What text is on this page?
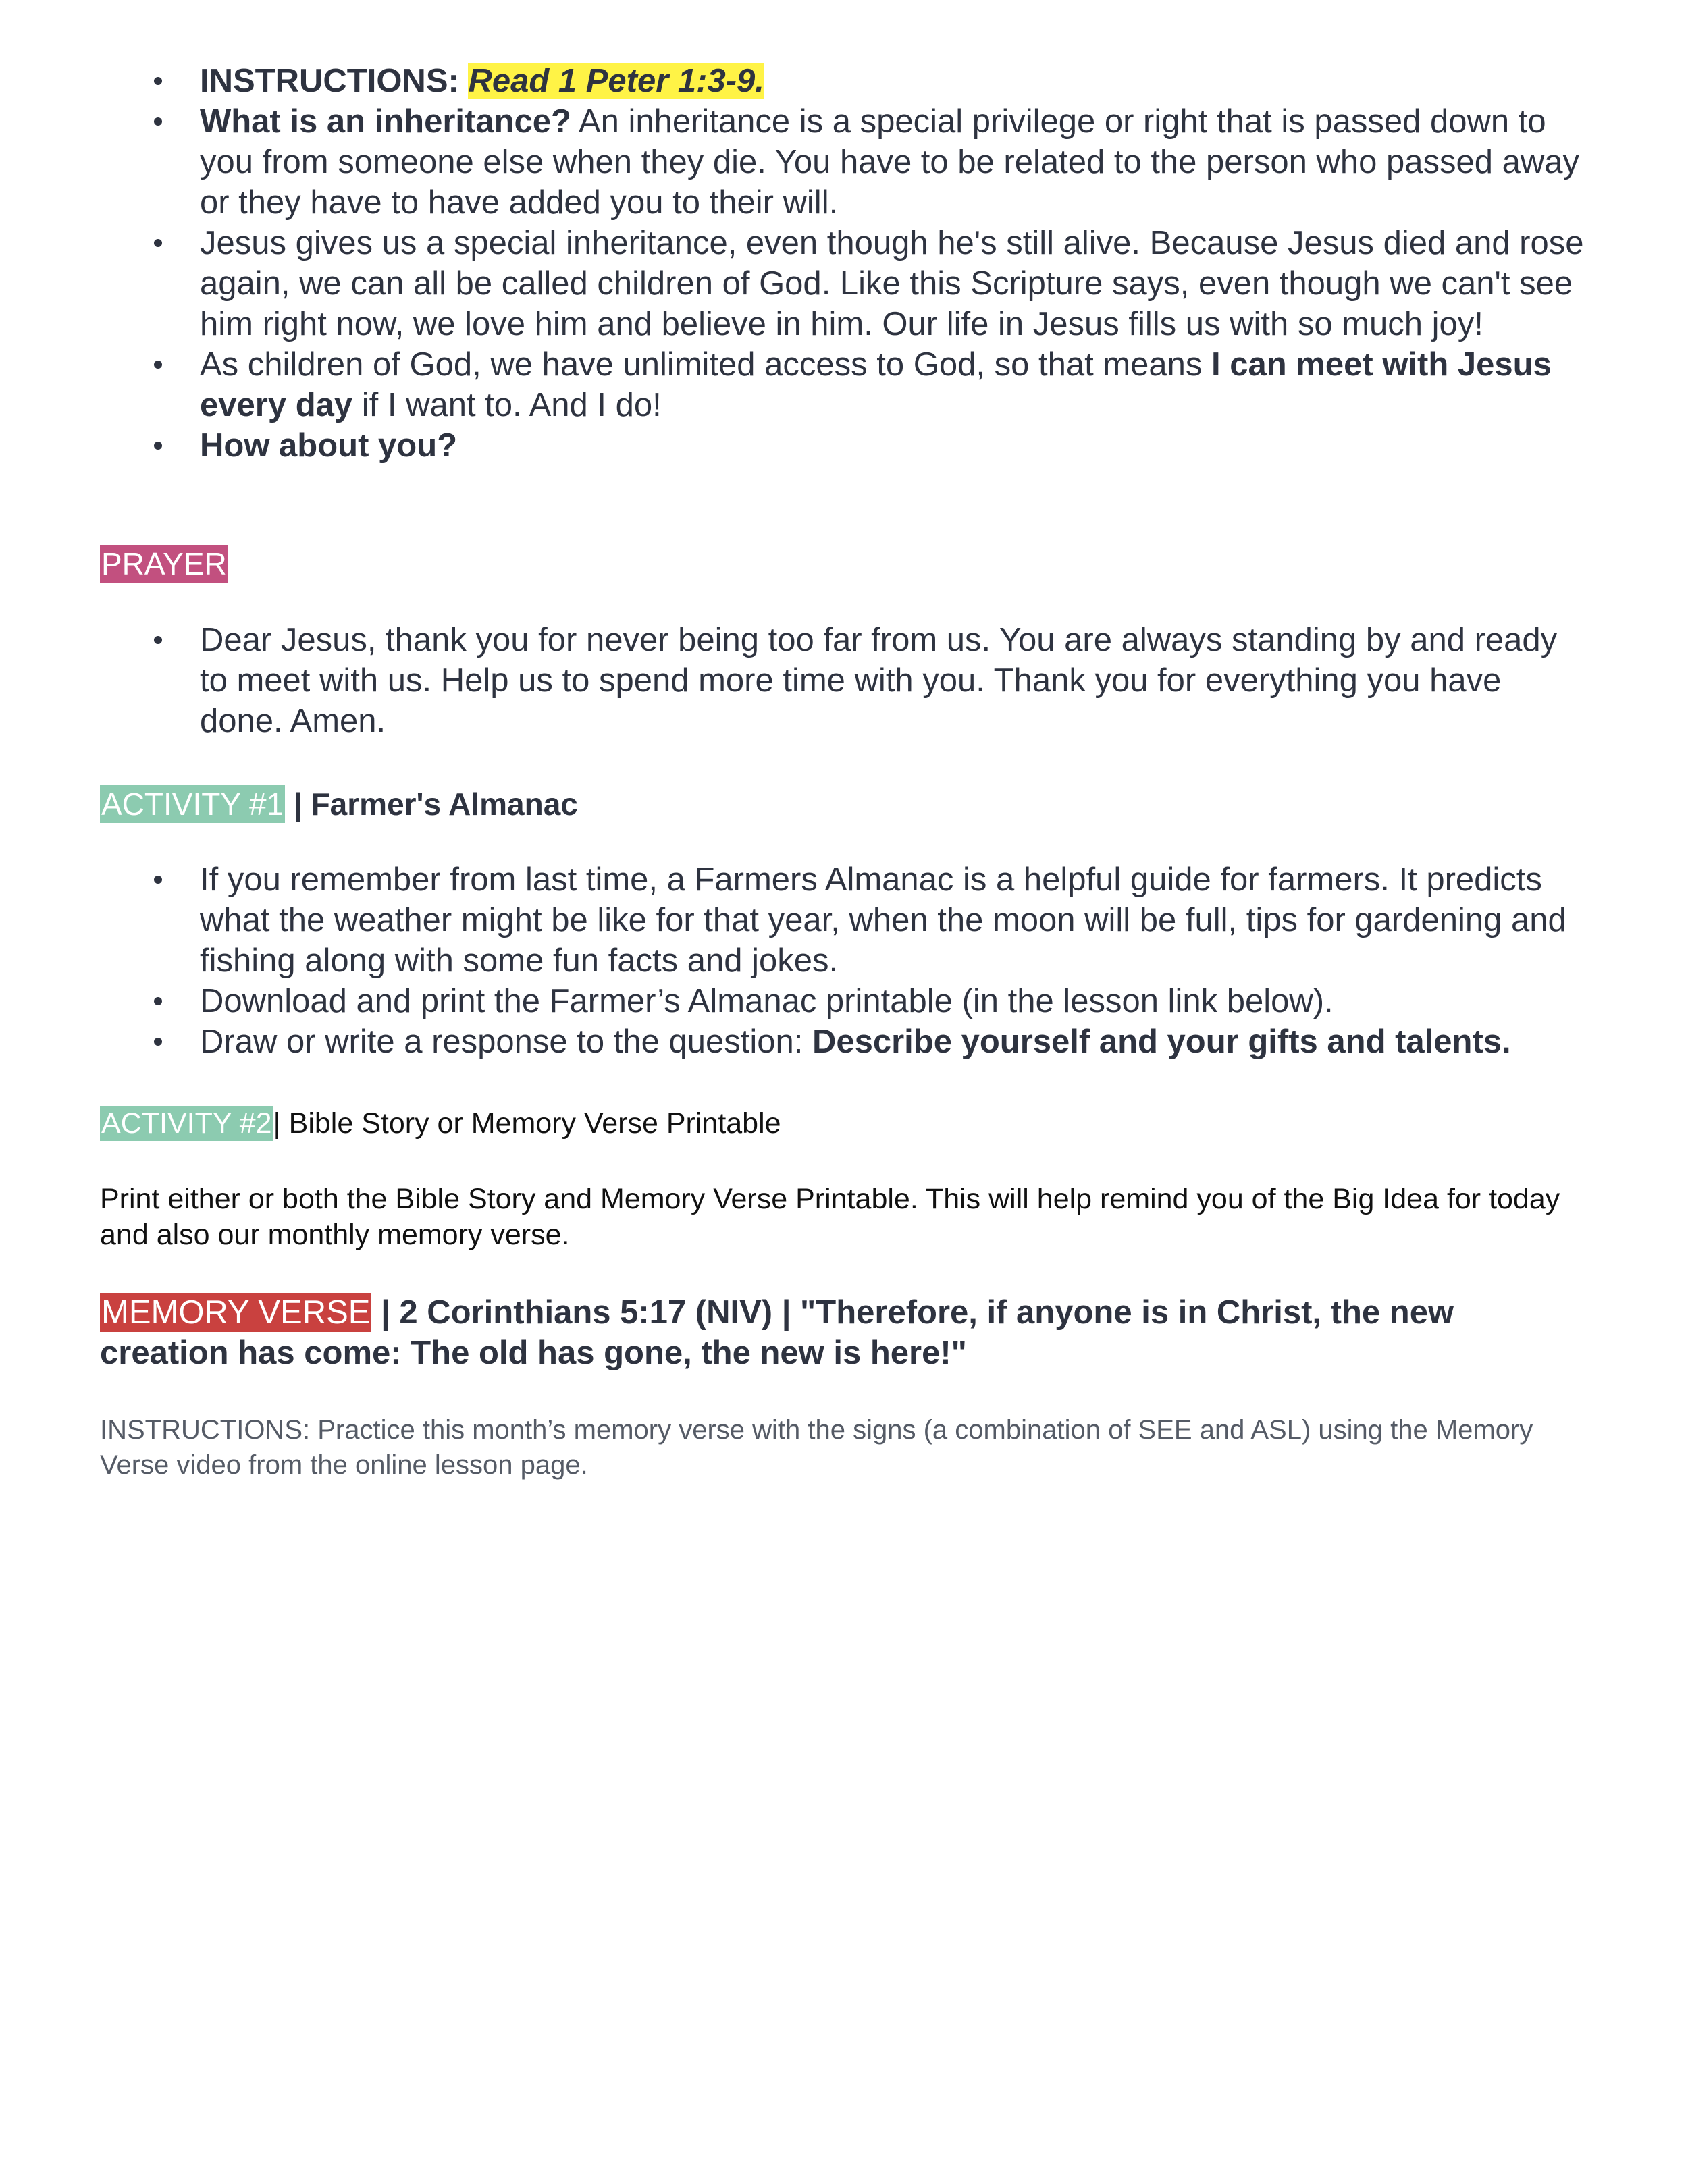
INSTRUCTIONS: Read 1 Peter 1:3-9.
What is an inheritance? An inheritance is a special privilege or right that is passed down to you from someone else when they die. You have to be related to the person who passed away or they have to have added you to their will.
Jesus gives us a special inheritance, even though he's still alive. Because Jesus died and rose again, we can all be called children of God. Like this Scripture says, even though we can't see him right now, we love him and believe in him. Our life in Jesus fills us with so much joy!
As children of God, we have unlimited access to God, so that means I can meet with Jesus every day if I want to. And I do!
How about you?
PRAYER
Dear Jesus, thank you for never being too far from us. You are always standing by and ready to meet with us. Help us to spend more time with you. Thank you for everything you have done. Amen.
ACTIVITY #1 | Farmer's Almanac
If you remember from last time, a Farmers Almanac is a helpful guide for farmers. It predicts what the weather might be like for that year, when the moon will be full, tips for gardening and fishing along with some fun facts and jokes.
Download and print the Farmer’s Almanac printable (in the lesson link below).
Draw or write a response to the question: Describe yourself and your gifts and talents.
ACTIVITY #2| Bible Story or Memory Verse Printable
Print either or both the Bible Story and Memory Verse Printable. This will help remind you of the Big Idea for today and also our monthly memory verse.
MEMORY VERSE | 2 Corinthians 5:17 (NIV) | "Therefore, if anyone is in Christ, the new creation has come: The old has gone, the new is here!"
INSTRUCTIONS: Practice this month’s memory verse with the signs (a combination of SEE and ASL) using the Memory Verse video from the online lesson page.
